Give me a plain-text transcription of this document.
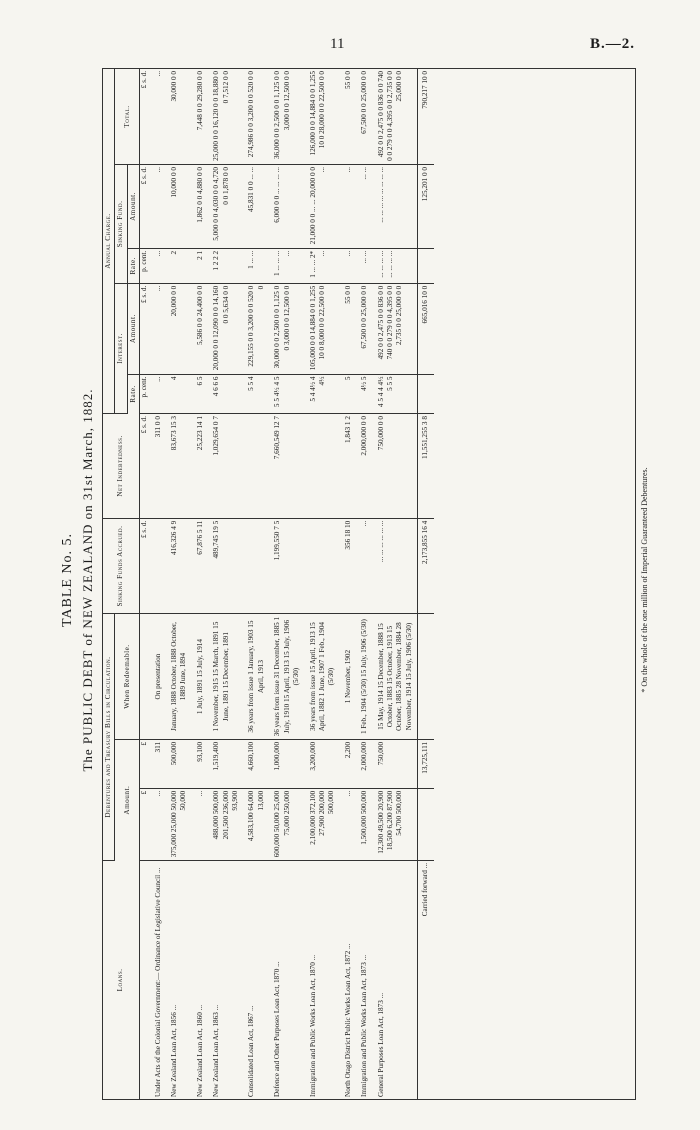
11	B.—2.
TABLE No. 5. The PUBLIC DEBT of NEW ZEALAND on 31st March, 1882.
Loans.	Debentures and Treasury Bills in Circulation.			Sinking Funds Accrued.	Net Indebtedness.	Annual Charge.				
	Amount.		When Redeemable.			Interest.		Sinking Fund.		Total.
						Rate.	Amount.	Rate.	Amount.	
	£	£		£ s. d.	£ s. d.	p. cent.	£ s. d.	p. cent.	£ s. d.	£ s. d.
Under Acts of the Colonial Government:— Ordinance of Legislative Council ...	...	311	On presentation		311 0 0	...	...	...	...	...
New Zealand Loan Act, 1856 ...	375,000 25,000 50,000 50,000	500,000	January, 1888 October, 1888 October, 1889 June, 1894	416,326 4 9	83,673 15 3	4	20,000 0 0	2	10,000 0 0	30,000 0 0
New Zealand Loan Act, 1860 ...	...	93,100	1 July, 1891 15 July, 1914	67,876 5 11	25,223 14 1	6 5	5,586 0 0 24,400 0 0	2 1	1,862 0 0 4,880 0 0	7,448 0 0 29,280 0 0
New Zealand Loan Act, 1863 ...	488,000 500,000 201,500 236,000 93,900	1,519,400	1 November, 1915 15 March, 1891 15 June, 1891 15 December, 1891	489,745 19 5	1,029,654 0 7	4 6 6 6	20,000 0 0 12,090 0 0 14,160 0 0 5,634 0 0	1 2 2 2	5,000 0 0 4,030 0 0 4,720 0 0 1,878 0 0	25,000 0 0 16,120 0 0 18,880 0 0 7,512 0 0
Consolidated Loan Act, 1867 ...	4,583,100 64,000 13,000	4,660,100	36 years from issue 1 January, 1903 15 April, 1913			5 5 4	229,155 0 0 3,200 0 0 520 0 0	1 ... ...	45,831 0 0 ... ...	274,986 0 0 3,200 0 0 520 0 0
Defence and Other Purposes Loan Act, 1870 ...	600,000 50,000 25,000 75,000 250,000	1,000,000	36 years from issue 31 December, 1885 1 July, 1910 15 April, 1913 15 July, 1906 (5/30)	1,199,550 7 5	7,660,549 12 7	5 5 4½ 4 5	30,000 0 0 2,500 0 0 1,125 0 0 3,000 0 0 12,500 0 0	1 ... ... ... ...	6,000 0 0 ... ... ... ...	36,000 0 0 2,500 0 0 1,125 0 0 3,000 0 0 12,500 0 0
Immigration and Public Works Loan Act, 1870 ...	2,100,000 372,100 27,900 200,000 500,000	3,200,000	36 years from issue 15 April, 1913 15 April, 1882 1 June, 1907 1 Feb., 1904 (5/30)			5 4 4½ 4 4½	105,000 0 0 14,884 0 0 1,255 10 0 8,000 0 0 22,500 0 0	1 ... ... 2* ...	21,000 0 0 ... ... 20,000 0 0 ...	126,000 0 0 14,884 0 0 1,255 10 0 28,000 0 0 22,500 0 0
North Otago District Public Works Loan Act, 1872 ...	...	2,200	1 November, 1902	356 18 10	1,843 1 2	5	55 0 0	...	...	55 0 0
Immigration and Public Works Loan Act, 1873 ...	1,500,000 500,000	2,000,000	1 Feb., 1904 (5/30) 15 July, 1906 (5/30)	...	2,000,000 0 0	4½ 5	67,500 0 0 25,000 0 0	... ...	... ...	67,500 0 0 25,000 0 0
General Purposes Loan Act, 1873 ...	12,300 49,500 20,900 18,500 6,200 87,900 54,700 500,000	750,000	15 May, 1914 15 December, 1888 15 October, 1883 15 October, 1913 15 October, 1885 28 November, 1884 28 November, 1914 15 July, 1906 (5/30)	... ... ... ... ... ...	750,000 0 0	4 5 4 4 4½ 5 5 5	492 0 0 2,475 0 0 836 0 0 740 0 0 279 0 0 4,395 0 0 2,735 0 0 25,000 0 0	... ... ... ... ... ... ... ...	... ... ... ... ... ... ... ...	492 0 0 2,475 0 0 836 0 0 740 0 0 279 0 0 4,395 0 0 2,735 0 0 25,000 0 0
Carried forward ...		13,725,111		2,173,855 16 4	11,551,255 3 8		665,016 10 0		125,201 0 0	790,217 10 0
* On the whole of the one million of Imperial Guaranteed Debentures.
